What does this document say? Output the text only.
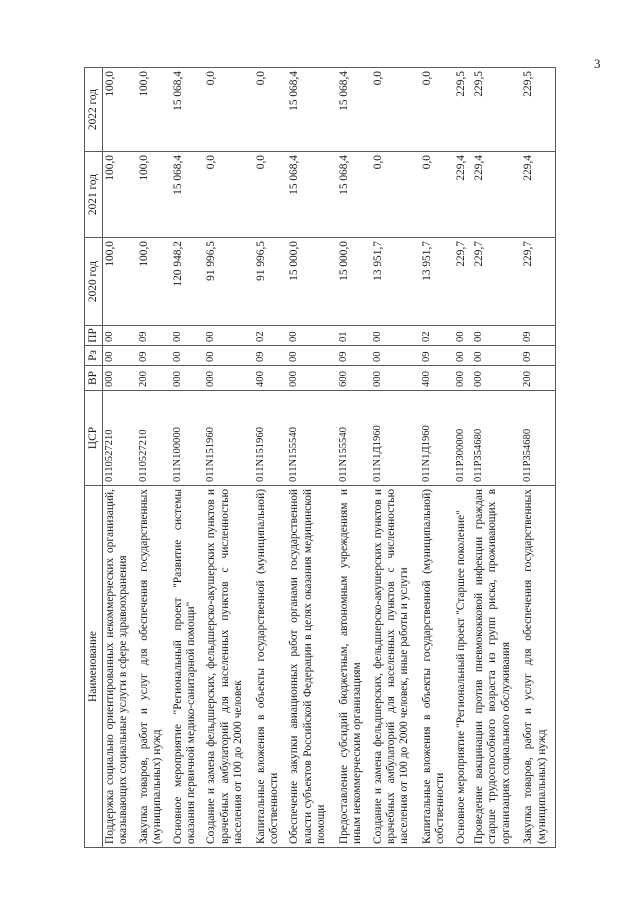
3
Наименование	ЦСР	ВР	Рз	ПР	2020 год	2021 год	2022 год
Поддержка социально ориентированных некоммерческих организаций, оказывающих социальные услуги в сфере здравоохранения	0110527210	000	00	00	100,0	100,0	100,0
Закупка товаров, работ и услуг для обеспечения государственных (муниципальных) нужд	0110527210	200	09	09	100,0	100,0	100,0
Основное мероприятие "Региональный проект "Развитие системы оказания первичной медико-санитарной помощи"	011N100000	000	00	00	120 948,2	15 068,4	15 068,4
Создание и замена фельдшерских, фельдшерско-акушерских пунктов и врачебных амбулаторий для населенных пунктов с численностью населения от 100 до 2000 человек	011N151960	000	00	00	91 996,5	0,0	0,0
Капитальные вложения в объекты государственной (муниципальной) собственности	011N151960	400	09	02	91 996,5	0,0	0,0
Обеспечение закупки авиационных работ органами государственной власти субъектов Российской Федерации в целях оказания медицинской помощи	011N155540	000	00	00	15 000,0	15 068,4	15 068,4
Предоставление субсидий бюджетным, автономным учреждениям и иным некоммерческим организациям	011N155540	600	09	01	15 000,0	15 068,4	15 068,4
Создание и замена фельдшерских, фельдшерско-акушерских пунктов и врачебных амбулаторий для населенных пунктов с численностью населения от 100 до 2000 человек, иные работы и услуги	011N1Д1960	000	00	00	13 951,7	0,0	0,0
Капитальные вложения в объекты государственной (муниципальной) собственности	011N1Д1960	400	09	02	13 951,7	0,0	0,0
Основное мероприятие "Региональный проект "Старшее поколение"	011P300000	000	00	00	229,7	229,4	229,5
Проведение вакцинации против пневмококковой инфекции граждан старше трудоспособного возраста из групп риска, проживающих в организациях социального обслуживания	011P354680	000	00	00	229,7	229,4	229,5
Закупка товаров, работ и услуг для обеспечения государственных (муниципальных) нужд	011P354680	200	09	09	229,7	229,4	229,5
